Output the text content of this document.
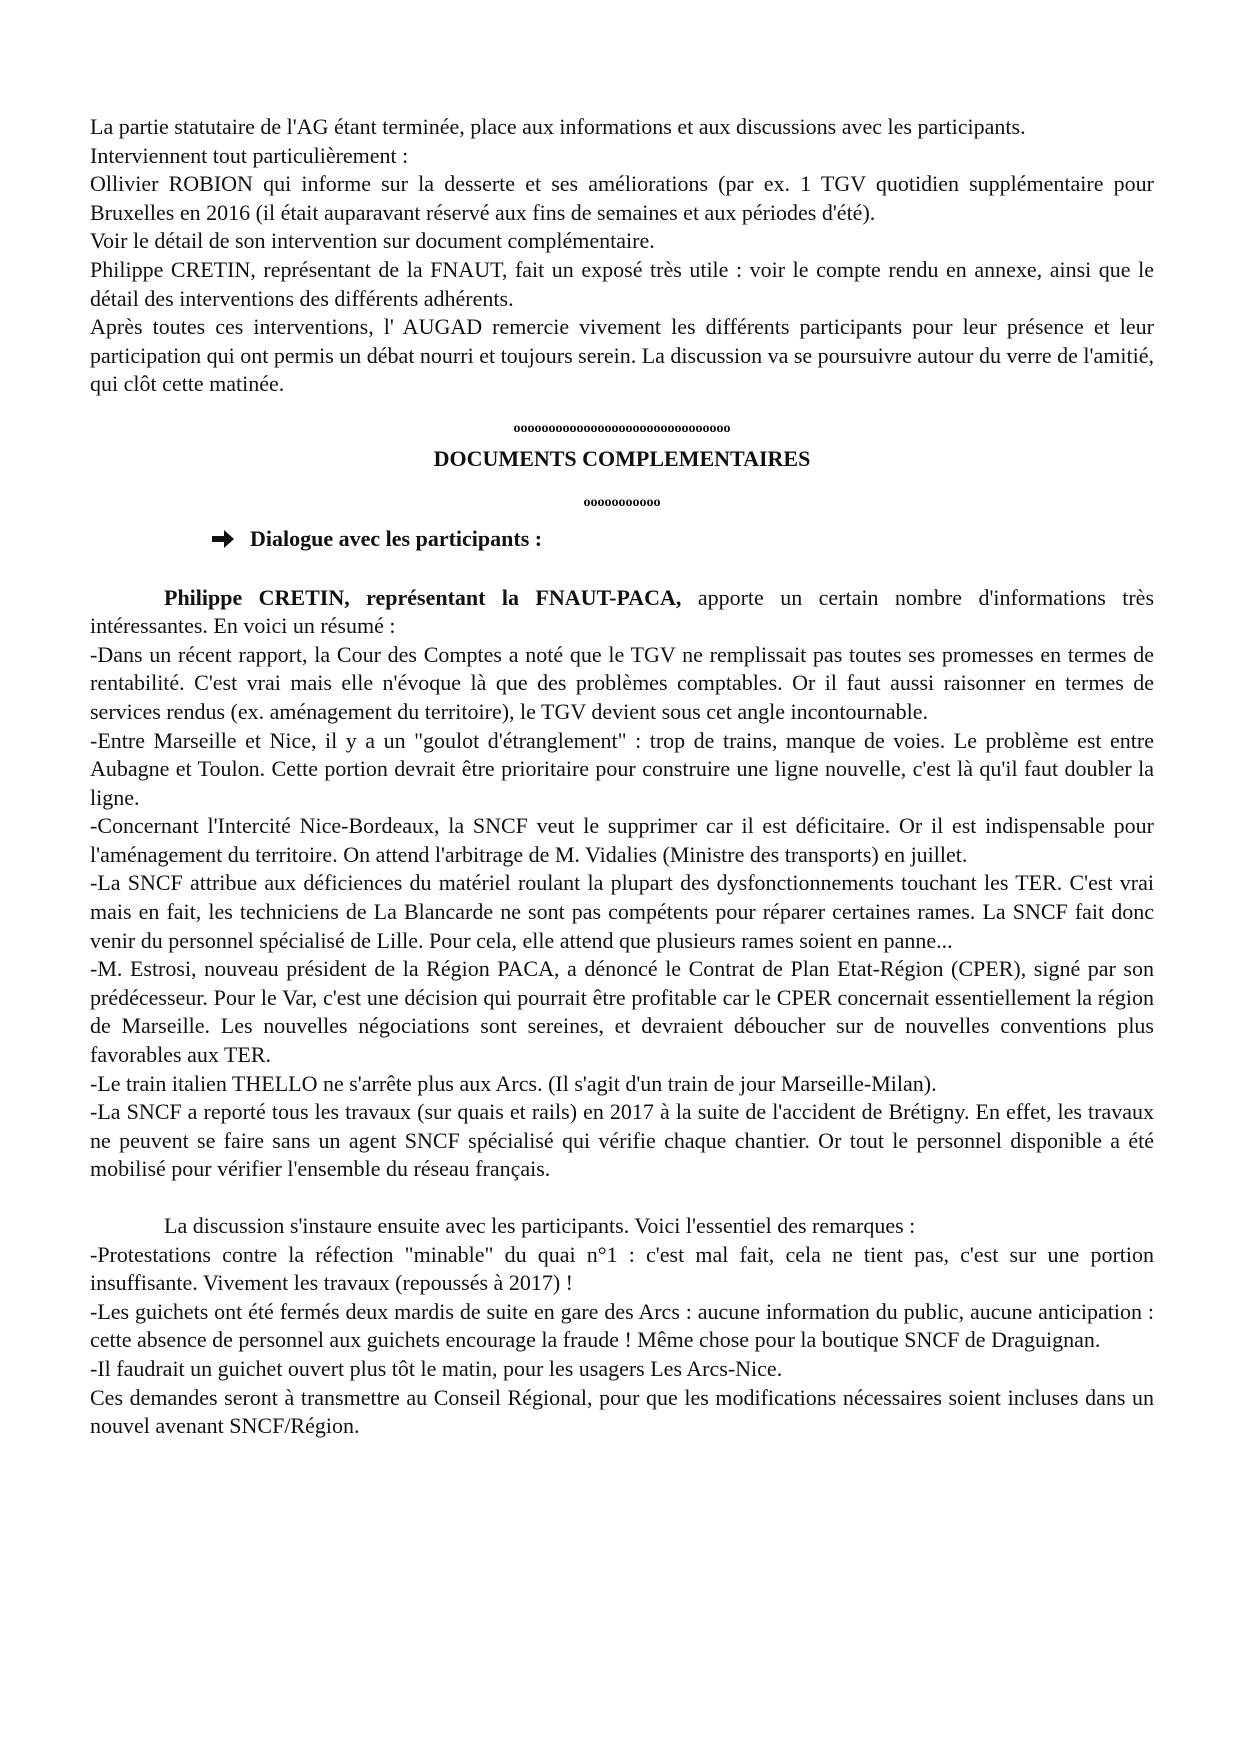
La partie statutaire de l'AG étant terminée, place aux informations et aux discussions avec les participants.

Interviennent tout particulièrement :

Ollivier ROBION qui informe sur la desserte et ses améliorations (par ex. 1 TGV quotidien supplémentaire pour Bruxelles en 2016 (il était auparavant réservé aux fins de semaines et aux périodes d'été).

Voir le détail de son intervention sur document complémentaire.

Philippe CRETIN, représentant de la FNAUT, fait un exposé très utile : voir le compte rendu en annexe, ainsi que le détail des interventions des différents adhérents.

Après toutes ces interventions, l' AUGAD remercie vivement les différents participants pour leur présence et leur participation qui ont permis un débat nourri et toujours serein. La discussion va se poursuivre autour du verre de l'amitié, qui clôt cette matinée.

ooooooooooooooooooooooooooooooo
DOCUMENTS COMPLEMENTAIRES
ooooooooooo
Dialogue avec les participants :

Philippe CRETIN, représentant la FNAUT-PACA, apporte un certain nombre d'informations très intéressantes. En voici un résumé :

-Dans un récent rapport, la Cour des Comptes a noté que le TGV ne remplissait pas toutes ses promesses en termes de rentabilité. C'est vrai mais elle n'évoque là que des problèmes comptables. Or il faut aussi raisonner en termes de services rendus (ex. aménagement du territoire), le TGV devient sous cet angle incontournable.

-Entre Marseille et Nice, il y a un "goulot d'étranglement" : trop de trains, manque de voies. Le problème est entre Aubagne et Toulon. Cette portion devrait être prioritaire pour construire une ligne nouvelle, c'est là qu'il faut doubler la ligne.

-Concernant l'Intercité Nice-Bordeaux, la SNCF veut le supprimer car il est déficitaire. Or il est indispensable pour l'aménagement du territoire. On attend l'arbitrage de M. Vidalies (Ministre des transports) en juillet.

-La SNCF attribue aux déficiences du matériel roulant la plupart des dysfonctionnements touchant les TER. C'est vrai mais en fait, les techniciens de La Blancarde ne sont pas compétents pour réparer certaines rames. La SNCF fait donc venir du personnel spécialisé de Lille. Pour cela, elle attend que plusieurs rames soient en panne...

-M. Estrosi, nouveau président de la Région PACA, a dénoncé le Contrat de Plan Etat-Région (CPER), signé par son prédécesseur. Pour le Var, c'est une décision qui pourrait être profitable car le CPER concernait essentiellement la région de Marseille. Les nouvelles négociations sont sereines, et devraient déboucher sur de nouvelles conventions plus favorables aux TER.

-Le train italien THELLO ne s'arrête plus aux Arcs. (Il s'agit d'un train de jour Marseille-Milan).

-La SNCF a reporté tous les travaux (sur quais et rails) en 2017 à la suite de l'accident de Brétigny. En effet, les travaux ne peuvent se faire sans un agent SNCF spécialisé qui vérifie chaque chantier. Or tout le personnel disponible a été mobilisé pour vérifier l'ensemble du réseau français.

La discussion s'instaure ensuite avec les participants. Voici l'essentiel des remarques :

-Protestations contre la réfection "minable" du quai n°1 : c'est mal fait, cela ne tient pas, c'est sur une portion insuffisante. Vivement les travaux (repoussés à 2017) !

-Les guichets ont été fermés deux mardis de suite en gare des Arcs : aucune information du public, aucune anticipation : cette absence de personnel aux guichets encourage la fraude ! Même chose pour la boutique SNCF de Draguignan.

-Il faudrait un guichet ouvert plus tôt le matin, pour les usagers Les Arcs-Nice.

Ces demandes seront à transmettre au Conseil Régional, pour que les modifications nécessaires soient incluses dans un nouvel avenant SNCF/Région.
